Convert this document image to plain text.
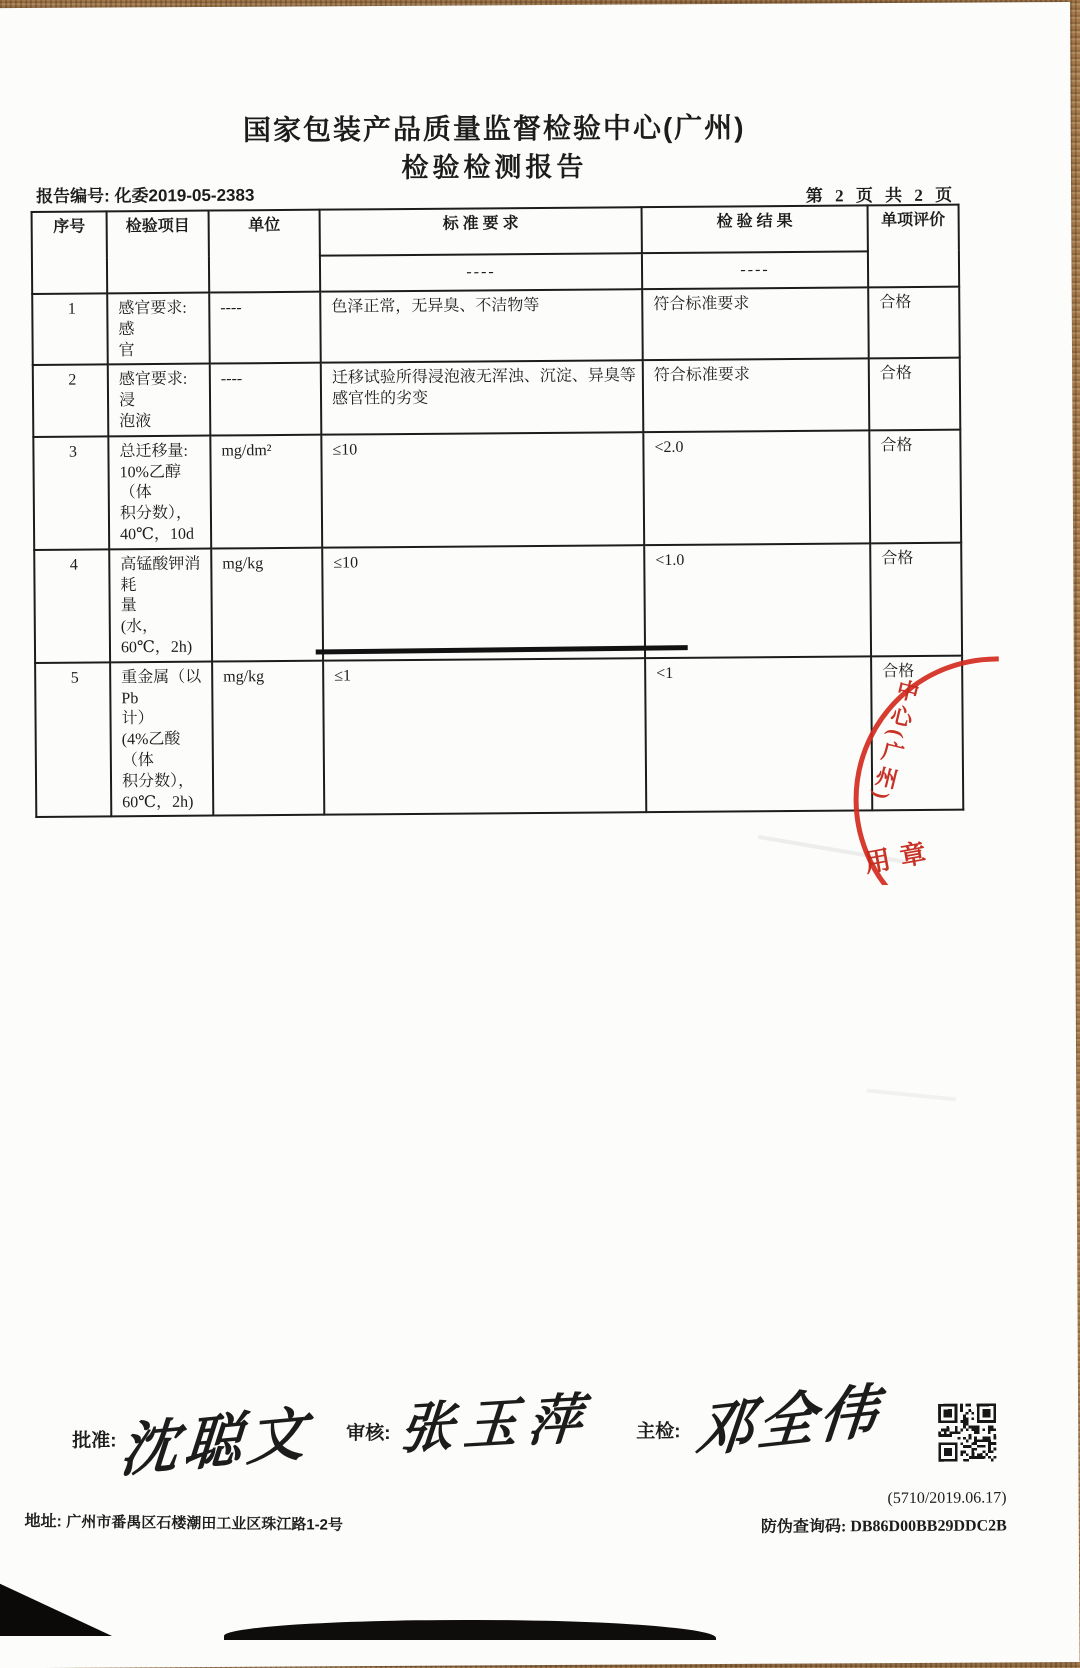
国家包装产品质量监督检验中心(广州)
检验检测报告
报告编号: 化委2019-05-2383	第 2 页 共 2 页
序号	检验项目	单位	标 准 要 求	检 验 结 果	单项评价
			----	----	
1	感官要求: 感
官	----	色泽正常，无异臭、不洁物等	符合标准要求	合格
2	感官要求: 浸
泡液	----	迁移试验所得浸泡液无浑浊、沉淀、异臭等
感官性的劣变	符合标准要求	合格
3	总迁移量:
10%乙醇（体
积分数），
40℃，10d	mg/dm²	≤10	<2.0	合格
4	高锰酸钾消耗
量
(水，
60℃，2h)	mg/kg	≤10	<1.0	合格
5	重金属（以Pb
计）
(4%乙酸（体
积分数），
60℃，2h)	mg/kg	≤1	<1	合格
中心(广州)
用章
批准: 沈聪文 审核: 张玉萍 主检: 邓全伟
(5710/2019.06.17)
防伪查询码: DB86D00BB29DDC2B
地址: 广州市番禺区石楼潮田工业区珠江路1-2号
